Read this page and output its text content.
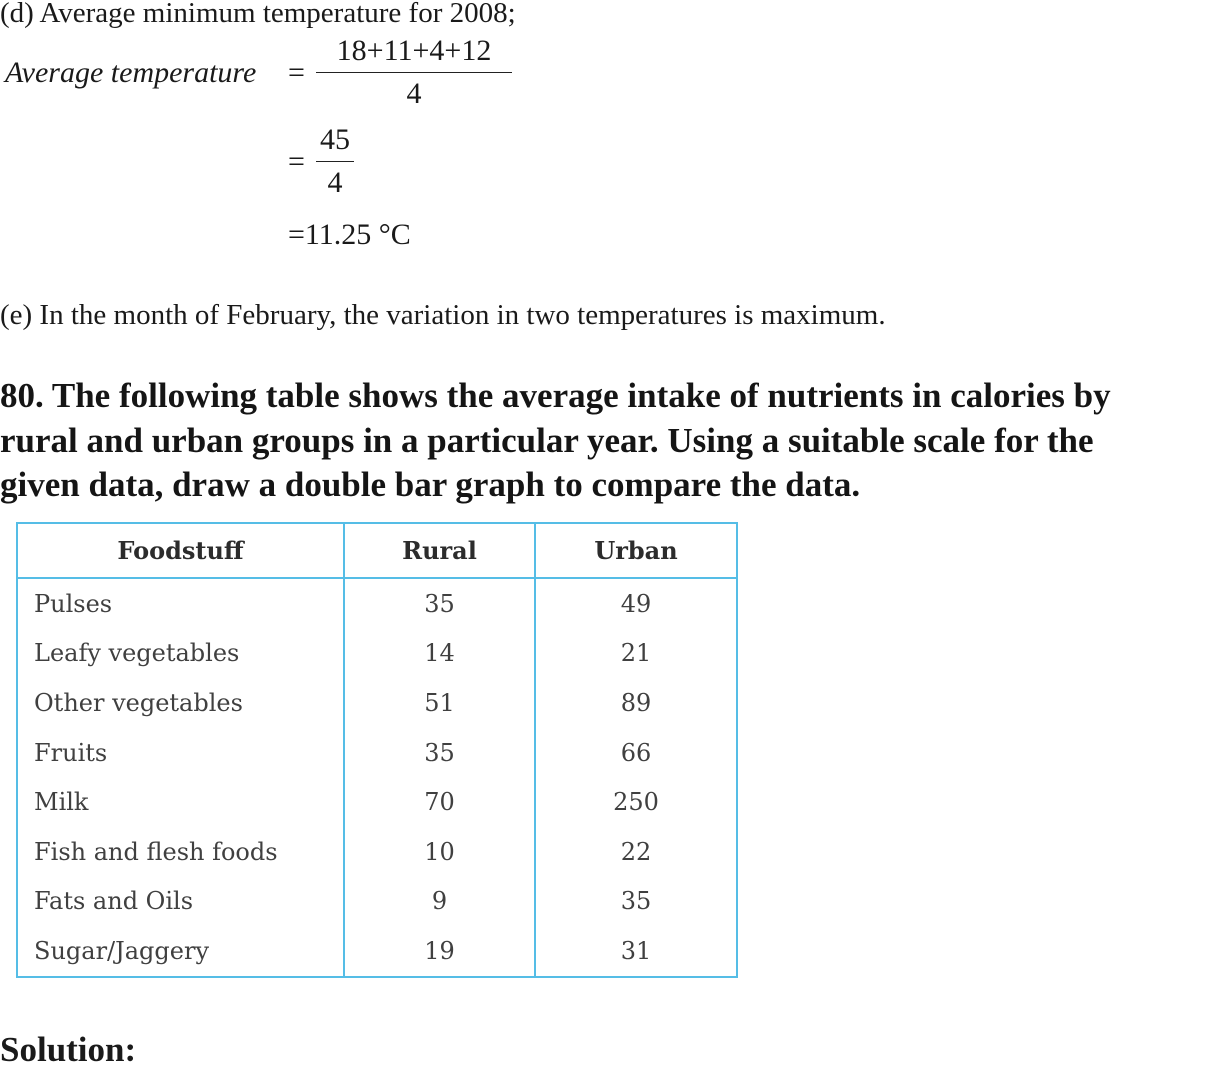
(d) Average minimum temperature for 2008;
Average temperature =
18+11+4+12
4
=
45
4
=11.25 °C
(e) In the month of February, the variation in two temperatures is maximum.
80. The following table shows the average intake of nutrients in calories by
rural and urban groups in a particular year. Using a suitable scale for the
given data, draw a double bar graph to compare the data.
Foodstuff	Rural	Urban
Pulses	35	49
Leafy vegetables	14	21
Other vegetables	51	89
Fruits	35	66
Milk	70	250
Fish and flesh foods	10	22
Fats and Oils	9	35
Sugar/Jaggery	19	31
Solution:
